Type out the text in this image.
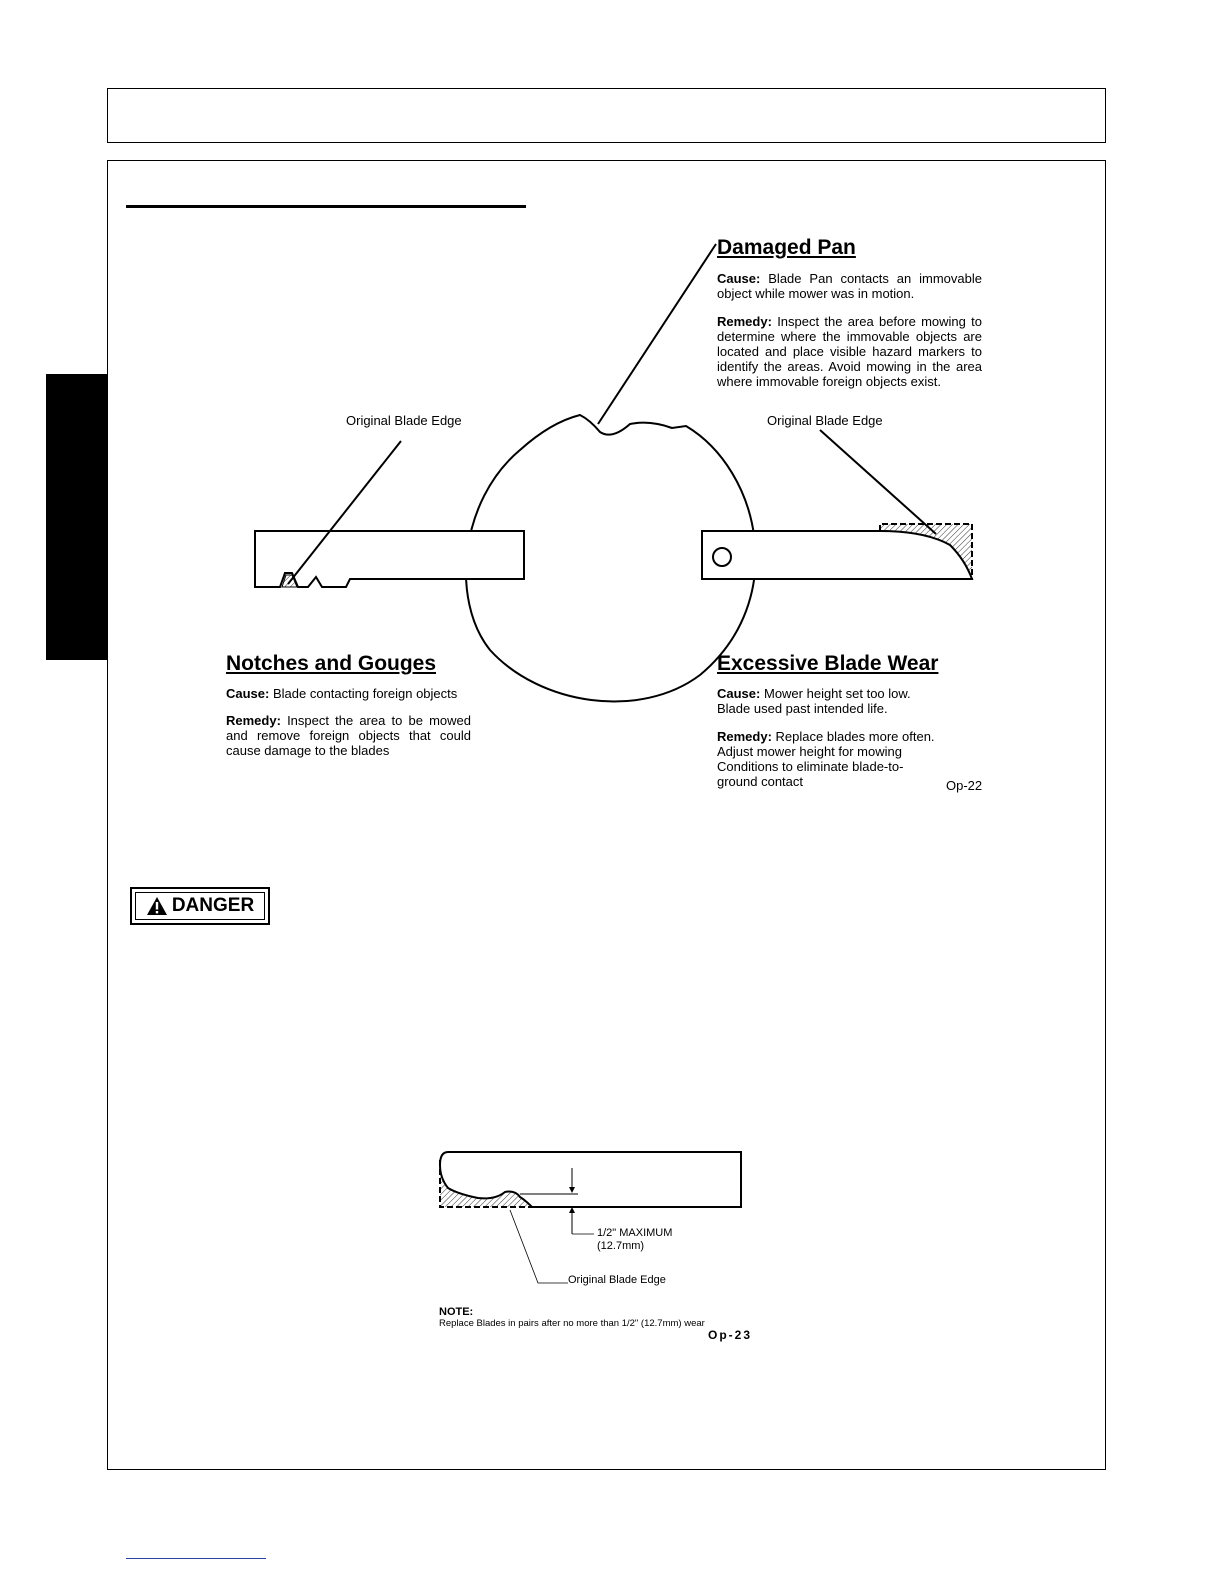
Damaged Pan
Cause: Blade Pan contacts an immovable object while mower was in motion.
Remedy: Inspect the area before mowing to determine where the immovable objects are located and place visible hazard markers to identify the areas. Avoid mowing in the area where immovable foreign objects exist.
Original Blade Edge	Original Blade Edge
Notches and Gouges
Cause: Blade contacting foreign objects
Remedy: Inspect the area to be mowed and remove foreign objects that could cause damage to the blades
Excessive Blade Wear
Cause: Mower height set too low.
Blade used past intended life.
Remedy: Replace blades more often.
Adjust mower height for mowing
Conditions to eliminate blade-to-
ground contact	Op-22
DANGER
1/2" MAXIMUM
(12.7mm)
Original Blade Edge
NOTE:
Replace Blades in pairs after no more than 1/2" (12.7mm) wear
Op-23
